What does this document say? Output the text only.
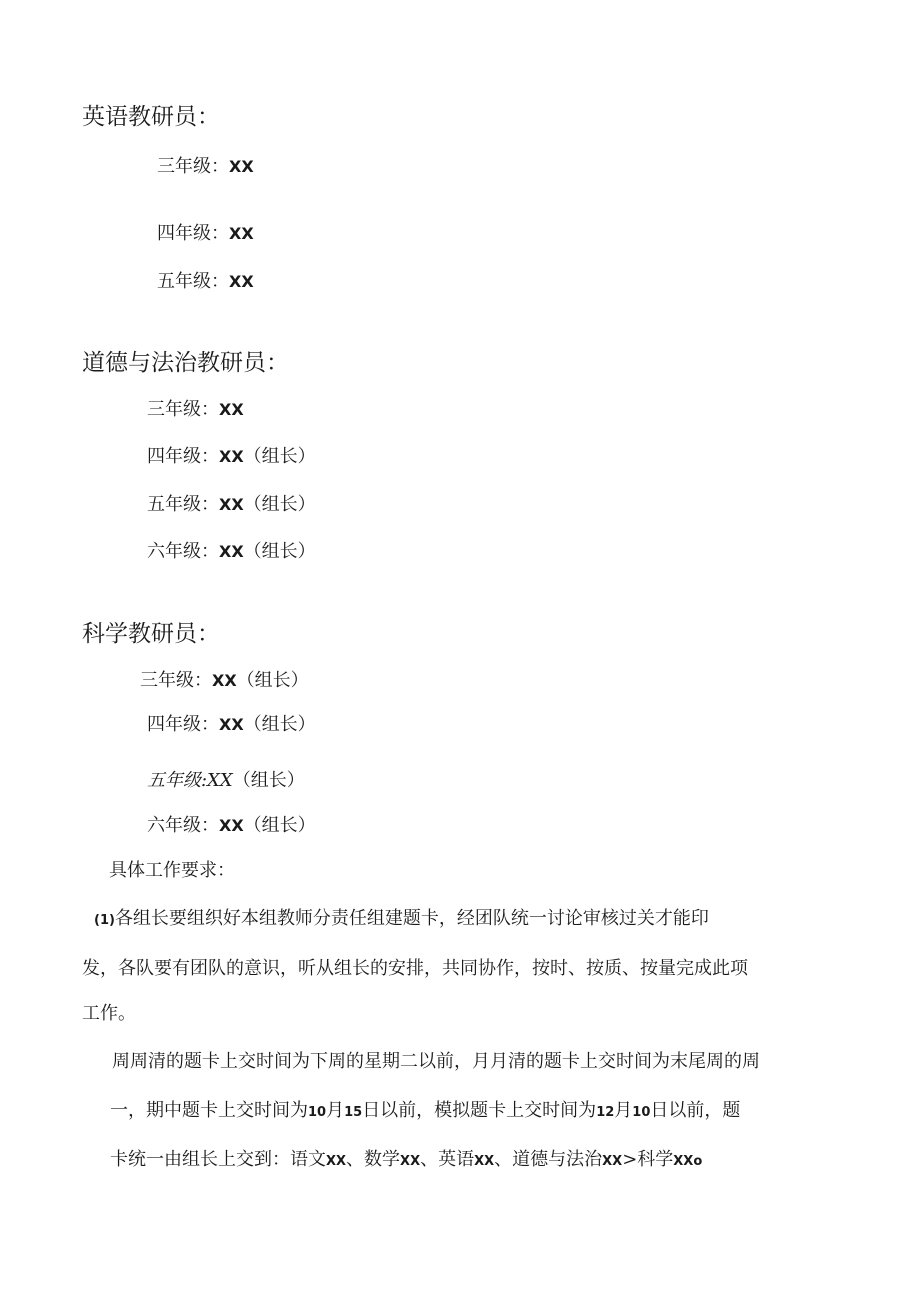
英语教研员：
三年级：XX
四年级：XX
五年级：XX
道德与法治教研员：
三年级：XX
四年级：XX（组长）
五年级：XX（组长）
六年级：XX（组长）
科学教研员：
三年级：XX（组长）
四年级：XX（组长）
五年级:XX（组长）
六年级：XX（组长）
具体工作要求：
(1)各组长要组织好本组教师分责任组建题卡，经团队统一讨论审核过关才能印
发，各队要有团队的意识，听从组长的安排，共同协作，按时、按质、按量完成此项
工作。
周周清的题卡上交时间为下周的星期二以前，月月清的题卡上交时间为末尾周的周
一，期中题卡上交时间为10月15日以前，模拟题卡上交时间为12月10日以前，题
卡统一由组长上交到：语文XX、数学XX、英语XX、道德与法治XX>科学XXo
